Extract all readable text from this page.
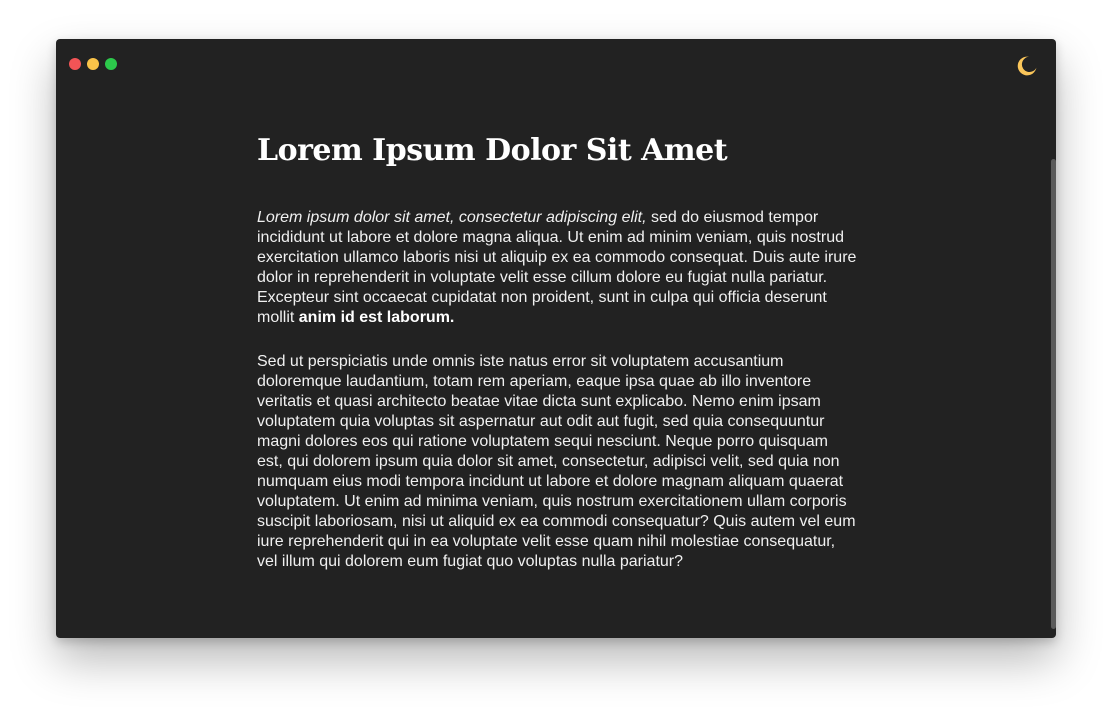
Lorem Ipsum Dolor Sit Amet

Lorem ipsum dolor sit amet, consectetur adipiscing elit, sed do eiusmod tempor incididunt ut labore et dolore magna aliqua. Ut enim ad minim veniam, quis nostrud exercitation ullamco laboris nisi ut aliquip ex ea commodo consequat. Duis aute irure dolor in reprehenderit in voluptate velit esse cillum dolore eu fugiat nulla pariatur. Excepteur sint occaecat cupidatat non proident, sunt in culpa qui officia deserunt mollit anim id est laborum.

Sed ut perspiciatis unde omnis iste natus error sit voluptatem accusantium doloremque laudantium, totam rem aperiam, eaque ipsa quae ab illo inventore veritatis et quasi architecto beatae vitae dicta sunt explicabo. Nemo enim ipsam voluptatem quia voluptas sit aspernatur aut odit aut fugit, sed quia consequuntur magni dolores eos qui ratione voluptatem sequi nesciunt. Neque porro quisquam est, qui dolorem ipsum quia dolor sit amet, consectetur, adipisci velit, sed quia non numquam eius modi tempora incidunt ut labore et dolore magnam aliquam quaerat voluptatem. Ut enim ad minima veniam, quis nostrum exercitationem ullam corporis suscipit laboriosam, nisi ut aliquid ex ea commodi consequatur? Quis autem vel eum iure reprehenderit qui in ea voluptate velit esse quam nihil molestiae consequatur, vel illum qui dolorem eum fugiat quo voluptas nulla pariatur?
